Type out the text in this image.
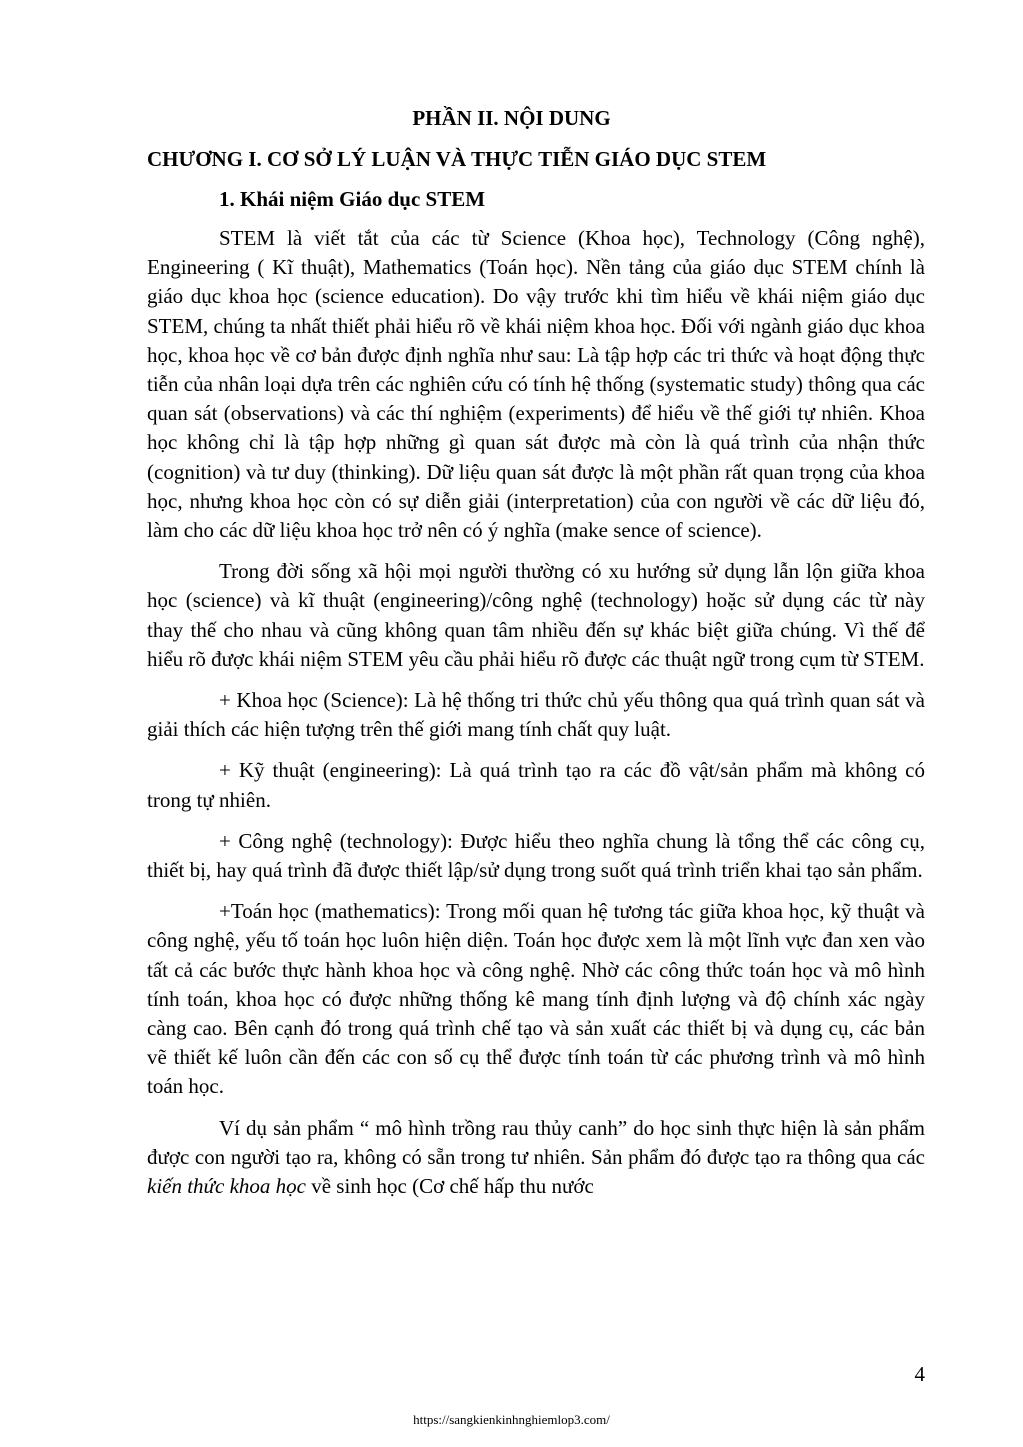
PHẦN II. NỘI DUNG
CHƯƠNG I. CƠ SỞ LÝ LUẬN VÀ THỰC TIỄN GIÁO DỤC STEM
1. Khái niệm Giáo dục STEM

STEM là viết tắt của các từ Science (Khoa học), Technology (Công nghệ), Engineering ( Kĩ thuật), Mathematics (Toán học). Nền tảng của giáo dục STEM chính là giáo dục khoa học (science education). Do vậy trước khi tìm hiểu về khái niệm giáo dục STEM, chúng ta nhất thiết phải hiểu rõ về khái niệm khoa học. Đối với ngành giáo dục khoa học, khoa học về cơ bản được định nghĩa như sau: Là tập hợp các tri thức và hoạt động thực tiễn của nhân loại dựa trên các nghiên cứu có tính hệ thống (systematic study) thông qua các quan sát (observations) và các thí nghiệm (experiments) để hiểu về thế giới tự nhiên. Khoa học không chỉ là tập hợp những gì quan sát được mà còn là quá trình của nhận thức (cognition) và tư duy (thinking). Dữ liệu quan sát được là một phần rất quan trọng của khoa học, nhưng khoa học còn có sự diễn giải (interpretation) của con người về các dữ liệu đó, làm cho các dữ liệu khoa học trở nên có ý nghĩa (make sence of science).

Trong đời sống xã hội mọi người thường có xu hướng sử dụng lẫn lộn giữa khoa học (science) và kĩ thuật (engineering)/công nghệ (technology) hoặc sử dụng các từ này thay thế cho nhau và cũng không quan tâm nhiều đến sự khác biệt giữa chúng. Vì thế để hiểu rõ được khái niệm STEM yêu cầu phải hiểu rõ được các thuật ngữ trong cụm từ STEM.

+ Khoa học (Science): Là hệ thống tri thức chủ yếu thông qua quá trình quan sát và giải thích các hiện tượng trên thế giới mang tính chất quy luật.

+ Kỹ thuật (engineering): Là quá trình tạo ra các đồ vật/sản phẩm mà không có trong tự nhiên.

+ Công nghệ (technology): Được hiểu theo nghĩa chung là tổng thể các công cụ, thiết bị, hay quá trình đã được thiết lập/sử dụng trong suốt quá trình triển khai tạo sản phẩm.

+Toán học (mathematics): Trong mối quan hệ tương tác giữa khoa học, kỹ thuật và công nghệ, yếu tố toán học luôn hiện diện. Toán học được xem là một lĩnh vực đan xen vào tất cả các bước thực hành khoa học và công nghệ. Nhờ các công thức toán học và mô hình tính toán, khoa học có được những thống kê mang tính định lượng và độ chính xác ngày càng cao. Bên cạnh đó trong quá trình chế tạo và sản xuất các thiết bị và dụng cụ, các bản vẽ thiết kế luôn cần đến các con số cụ thể được tính toán từ các phương trình và mô hình toán học.

Ví dụ sản phẩm “ mô hình trồng rau thủy canh” do học sinh thực hiện là sản phẩm được con người tạo ra, không có sẵn trong tư nhiên. Sản phẩm đó được tạo ra thông qua các kiến thức khoa học về sinh học (Cơ chế hấp thu nước

4
https://sangkienkinhnghiemlop3.com/
